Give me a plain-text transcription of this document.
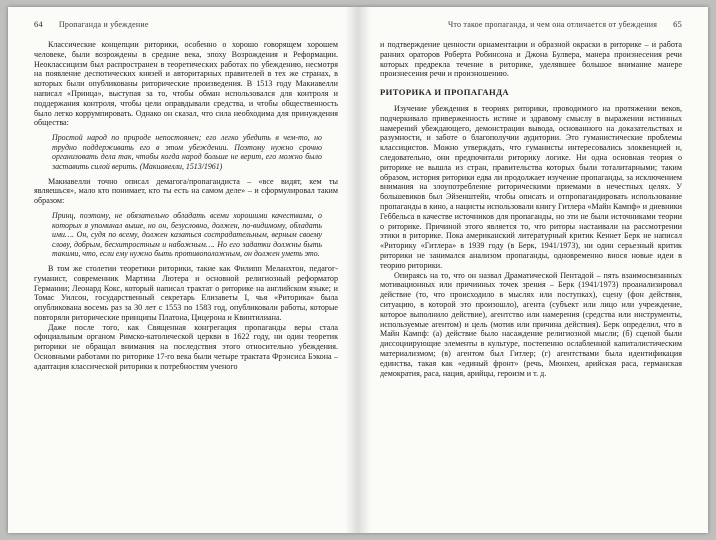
64 Пропаганда и убеждение

Классические концепции риторики, особенно о хорошо говорящем хорошем человеке, были возрождены в средние века, эпоху Возрождения и Реформации. Неоклассицизм был распространен в теоретических работах по убеждению, несмотря на появление деспотических князей и авторитарных правителей в тех же странах, в которых были опубликованы риторические произведения. В 1513 году Макиавелли написал «Принца», выступая за то, чтобы обман использовался для контроля и поддержания контроля, чтобы цели оправдывали средства, и чтобы общественность было легко коррумпировать. Однако он сказал, что сила необходима для принуждения общества:

Простой народ по природе непостоянен; его легко убедить в чем-то, но трудно поддерживать его в этом убеждении. Поэтому нужно срочно организовать дела так, чтобы когда народ больше не верит, его можно было заставить силой верить. (Макиавелли, 1513/1961)

Макиавелли точно описал демагога/пропагандиста – «все видят, кем ты являешься», мало кто понимает, кто ты есть на самом деле» – и сформулировал таким образом:

Принц, поэтому, не обязательно обладать всеми хорошими качествами, о которых я упоминал выше, но он, безусловно, должен, по-видимому, обладать ими…. Он, судя по всему, должен казаться сострадательным, верным своему слову, добрым, бесхитростным и набожным…. Но его задатки должны быть такими, что, если ему нужно быть противоположным, он должен уметь это.

В том же столетии теоретики риторики, такие как Филипп Меланхтон, педагог-гуманист, современник Мартина Лютера и основной религиозный реформатор Германии; Леонард Кокс, который написал трактат о риторике на английском языке; и Томас Уилсон, государственный секретарь Елизаветы I, чья «Риторика» была опубликована восемь раз за 30 лет с 1553 по 1583 год, опубликовали работы, которые повторяли риторические принципы Платона, Цицерона и Квинтилиана.

Даже после того, как Священная конгрегация пропаганды веры стала официальным органом Римско-католической церкви в 1622 году, ни один теоретик риторики не обращал внимания на последствия этого относительно убеждения. Основными работами по риторике 17-го века были четыре трактата Фрэнсиса Бэкона – адаптация классической риторики к потребностям ученого

Что такое пропаганда, и чем она отличается от убеждения 65

и подтверждение ценности орнаментации и образной окраски в риторике – и работа ранних ораторов Роберта Робинсона и Джона Булвера, манера произнесения речи которых предрекла течение в риторике, уделявшее большое внимание манере произнесения речи и произношению.

РИТОРИКА И ПРОПАГАНДА

Изучение убеждения в теориях риторики, проводимого на протяжении веков, подчеркивало приверженность истине и здравому смыслу в выражении истинных намерений убеждающего, демонстрации вывода, основанного на доказательствах и разумности, и заботе о благополучии аудитории. Это гуманистические проблемы классицистов. Можно утверждать, что гуманисты интересовались элоквенцией и, следовательно, они предпочитали риторику логике. Ни одна основная теория о риторике не вышла из стран, правительства которых были тоталитарными; таким образом, история риторики едва ли продолжает изучение пропаганды, за исключением внимания на злоупотребление риторическими приемами в нечестных целях. У большевиков был Эйзенштейн, чтобы описать и отпропагандировать использование пропаганды в кино, а нацисты использовали книгу Гитлера «Майн Кампф» и дневники Геббельса в качестве источников для пропаганды, но эти не были источниками теории о риторике. Причиной этого является то, что риторы настаивали на рассмотрении этики в риторике. Пока американский литературный критик Кеннет Берк не написал «Риторику «Гитлера» в 1939 году (в Берк, 1941/1973), ни один серьезный критик риторики не занимался анализом пропаганды, одновременно внося новые идеи в теорию риторики.

Опираясь на то, что он назвал Драматической Пентадой – пять взаимосвязанных мотивационных или причинных точек зрения – Берк (1941/1973) проанализировал действие (то, что происходило в мыслях или поступках), сцену (фон действия, ситуацию, в которой это произошло), агента (субъект или лицо или учреждение, которое выполнило действие), агентство или намерения (средства или инструменты, используемые агентом) и цель (мотив или причина действия). Берк определил, что в Майн Кампф: (а) действие было насаждение религиозной мысли; (б) сценой были диссоциирующие элементы в культуре, постепенно ослабленной капиталистическим материализмом; (в) агентом был Гитлер; (г) агентствами была идентификация единства, такая как «единый фронт» (речь, Мюнхен, арийская раса, германская демократия, раса, нация, арийцы, героизм и т. д.
